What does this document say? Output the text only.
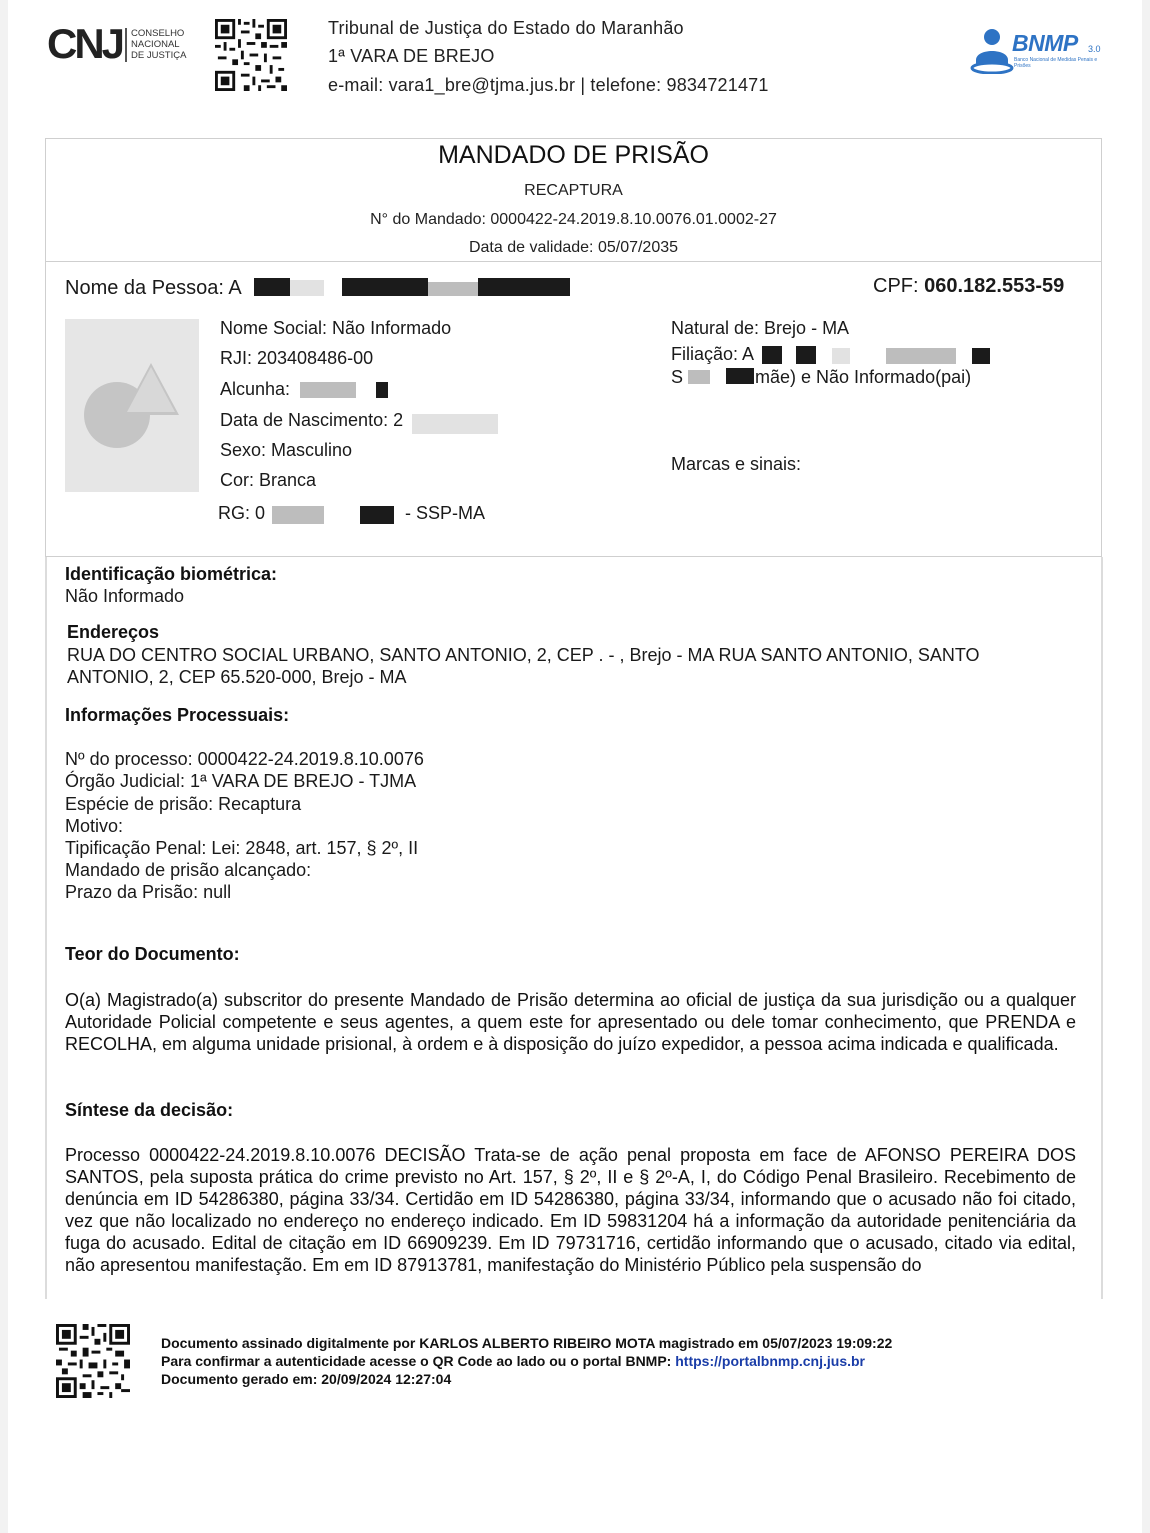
CNJ CONSELHO
NACIONAL
DE JUSTIÇA
Tribunal de Justiça do Estado do Maranhão
1ª VARA DE BREJO
e-mail: vara1_bre@tjma.jus.br | telefone: 9834721471
BNMP 3.0
Banco Nacional de Medidas Penais e Prisões
MANDADO DE PRISÃO
RECAPTURA
N° do Mandado: 0000422-24.2019.8.10.0076.01.0002-27
Data de validade: 05/07/2035
Nome da Pessoa: A	CPF: 060.182.553-59
Nome Social: Não Informado
RJI: 203408486-00
Alcunha:
Data de Nascimento: 2
Sexo: Masculino
Cor: Branca
RG: 0	- SSP-MA
Natural de: Brejo - MA
Filiação: A
S	mãe) e Não Informado(pai)
Marcas e sinais:
Identificação biométrica:
Não Informado
Endereços
RUA DO CENTRO SOCIAL URBANO, SANTO ANTONIO, 2, CEP . - , Brejo - MA RUA SANTO ANTONIO, SANTO
ANTONIO, 2, CEP 65.520-000, Brejo - MA
Informações Processuais:
Nº do processo: 0000422-24.2019.8.10.0076
Órgão Judicial: 1ª VARA DE BREJO - TJMA
Espécie de prisão: Recaptura
Motivo:
Tipificação Penal: Lei: 2848, art. 157, § 2º, II
Mandado de prisão alcançado:
Prazo da Prisão: null
Teor do Documento:
O(a) Magistrado(a) subscritor do presente Mandado de Prisão determina ao oficial de justiça da sua jurisdição ou a qualquer Autoridade Policial competente e seus agentes, a quem este for apresentado ou dele tomar conhecimento, que PRENDA e RECOLHA, em alguma unidade prisional, à ordem e à disposição do juízo expedidor, a pessoa acima indicada e qualificada.
Síntese da decisão:
Processo 0000422-24.2019.8.10.0076 DECISÃO Trata-se de ação penal proposta em face de AFONSO PEREIRA DOS SANTOS, pela suposta prática do crime previsto no Art. 157, § 2º, II e § 2º-A, I, do Código Penal Brasileiro. Recebimento de denúncia em ID 54286380, página 33/34. Certidão em ID 54286380, página 33/34, informando que o acusado não foi citado, vez que não localizado no endereço no endereço indicado. Em ID 59831204 há a informação da autoridade penitenciária da fuga do acusado. Edital de citação em ID 66909239. Em ID 79731716, certidão informando que o acusado, citado via edital, não apresentou manifestação. Em em ID 87913781, manifestação do Ministério Público pela suspensão do
Documento assinado digitalmente por KARLOS ALBERTO RIBEIRO MOTA magistrado em 05/07/2023 19:09:22
Para confirmar a autenticidade acesse o QR Code ao lado ou o portal BNMP: https://portalbnmp.cnj.jus.br
Documento gerado em: 20/09/2024 12:27:04
